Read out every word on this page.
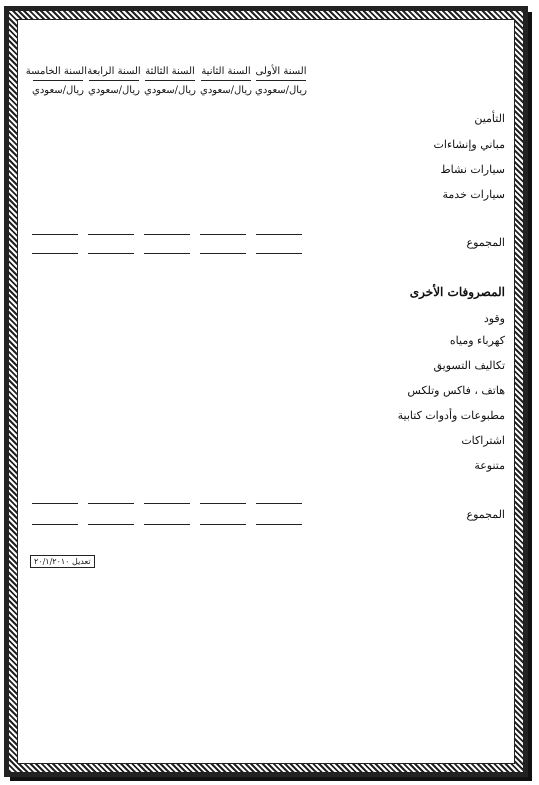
السنة الأولى
ريال/سعودي
السنة الثانية
ريال/سعودي
السنة الثالثة
ريال/سعودي
السنة الرابعة
ريال/سعودي
السنة الخامسة
ريال/سعودي
التأمين
مباني وإنشاءات
سيارات نشاط
سيارات خدمة
المجموع
المصروفات الأخرى
وقود
كهرباء ومياه
تكاليف التسويق
هاتف ، فاكس وتلكس
مطبوعات وأدوات كتابية
اشتراكات
متنوعة
المجموع
تعديل ٢٠/١/٢٠١٠
